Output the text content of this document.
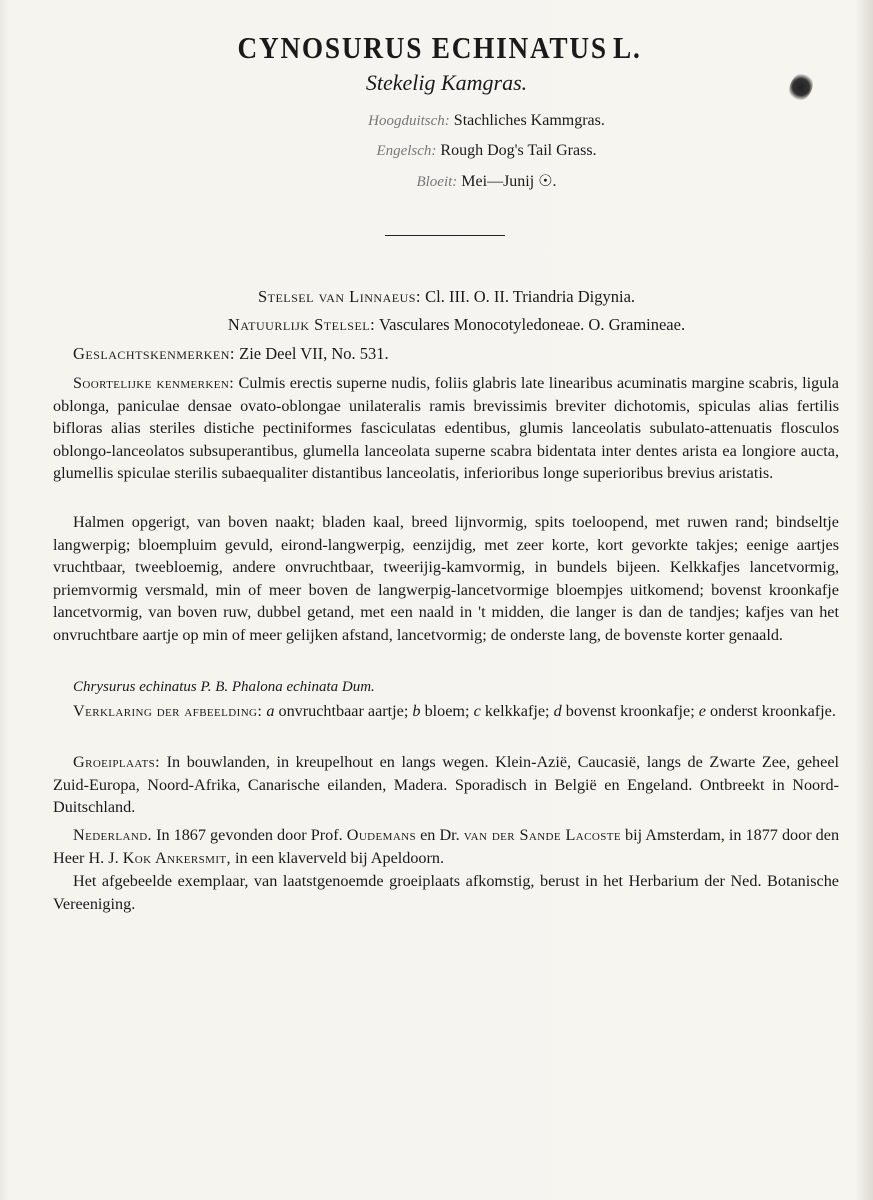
CYNOSURUS ECHINATUS L.
Stekelig Kamgras.
Hoogduitsch: Stachliches Kammgras.
Engelsch: Rough Dog's Tail Grass.
Bloeit: Mei—Junij ☉.
Stelsel van Linnaeus: Cl. III. O. II. Triandria Digynia.
Natuurlijk Stelsel: Vasculares Monocotyledoneae. O. Gramineae.
Geslachtskenmerken: Zie Deel VII, No. 531.
Soortelijke kenmerken: Culmis erectis superne nudis, foliis glabris late linearibus acuminatis margine scabris, ligula oblonga, paniculae densae ovato-oblongae unilateralis ramis brevissimis breviter dichotomis, spiculas alias fertilis bifloras alias steriles distiche pectiniformes fasciculatas edentibus, glumis lanceolatis subulato-attenuatis flosculos oblongo-lanceolatos subsuperantibus, glumella lanceolata superne scabra bidentata inter dentes arista ea longiore aucta, glumellis spiculae sterilis subaequaliter distantibus lanceolatis, inferioribus longe superioribus brevius aristatis.
Halmen opgerigt, van boven naakt; bladen kaal, breed lijnvormig, spits toeloopend, met ruwen rand; bindseltje langwerpig; bloempluim gevuld, eirond-langwerpig, eenzijdig, met zeer korte, kort gevorkte takjes; eenige aartjes vruchtbaar, tweebloemig, andere onvruchtbaar, tweerijig-kamvormig, in bundels bijeen. Kelkkafjes lancetvormig, priemvormig versmald, min of meer boven de langwerpig-lancetvormige bloempjes uitkomend; bovenst kroonkafje lancetvormig, van boven ruw, dubbel getand, met een naald in 't midden, die langer is dan de tandjes; kafjes van het onvruchtbare aartje op min of meer gelijken afstand, lancetvormig; de onderste lang, de bovenste korter genaald.
Chrysurus echinatus P. B. Phalona echinata Dum.
Verklaring der afbeelding: a onvruchtbaar aartje; b bloem; c kelkkafje; d bovenst kroonkafje; e onderst kroonkafje.
Groeiplaats: In bouwlanden, in kreupelhout en langs wegen. Klein-Azië, Caucasië, langs de Zwarte Zee, geheel Zuid-Europa, Noord-Afrika, Canarische eilanden, Madera. Sporadisch in België en Engeland. Ontbreekt in Noord-Duitschland.
Nederland. In 1867 gevonden door Prof. Oudemans en Dr. van der Sande Lacoste bij Amsterdam, in 1877 door den Heer H. J. Kok Ankersmit, in een klaverveld bij Apeldoorn.
Het afgebeelde exemplaar, van laatstgenoemde groeiplaats afkomstig, berust in het Herbarium der Ned. Botanische Vereeniging.
